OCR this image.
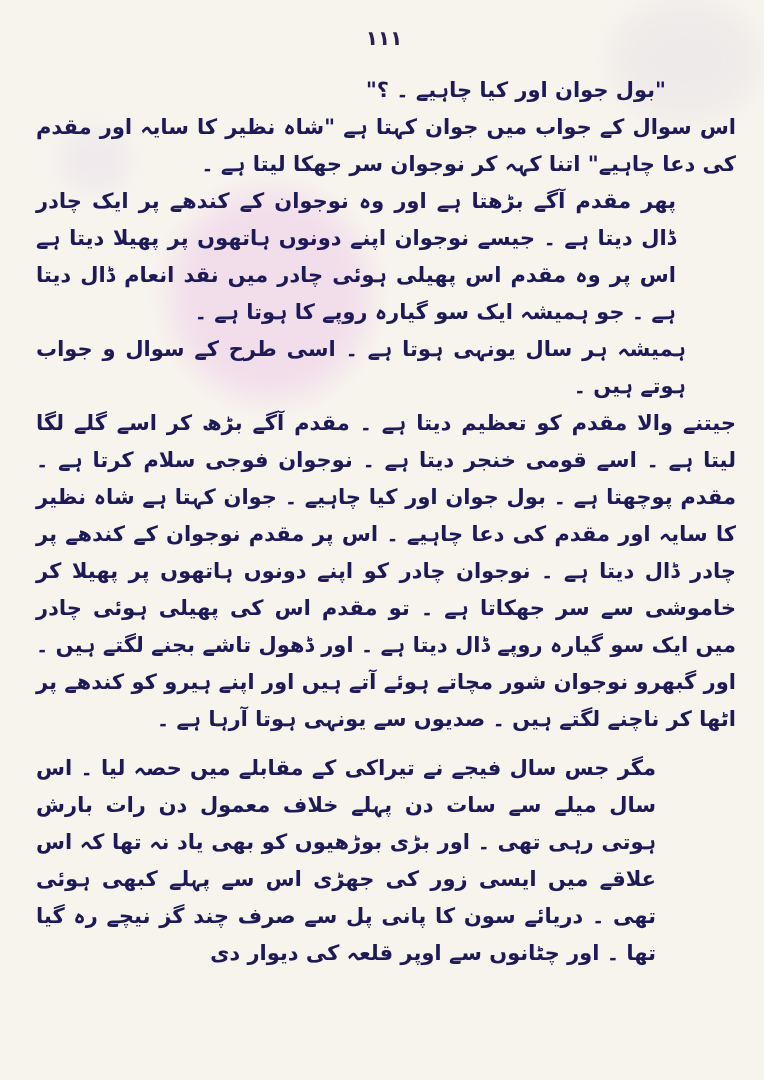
۱۱۱

"بول جوان اور کیا چاہیے ۔ ؟"

اس سوال کے جواب میں جوان کہتا ہے "شاہ نظیر کا سایہ اور مقدم کی دعا چاہیے" اتنا کہہ کر نوجوان سر جھکا لیتا ہے ۔

پھر مقدم آگے بڑھتا ہے اور وہ نوجوان کے کندھے پر ایک چادر ڈال دیتا ہے ۔ جیسے نوجوان اپنے دونوں ہاتھوں پر پھیلا دیتا ہے اس پر وہ مقدم اس پھیلی ہوئی چادر میں نقد انعام ڈال دیتا ہے ۔ جو ہمیشہ ایک سو گیارہ روپے کا ہوتا ہے ۔

ہمیشہ ہر سال یونہی ہوتا ہے ۔ اسی طرح کے سوال و جواب ہوتے ہیں ۔

جیتنے والا مقدم کو تعظیم دیتا ہے ۔ مقدم آگے بڑھ کر اسے گلے لگا لیتا ہے ۔ اسے قومی خنجر دیتا ہے ۔ نوجوان فوجی سلام کرتا ہے ۔ مقدم پوچھتا ہے ۔ بول جوان اور کیا چاہیے ۔ جوان کہتا ہے شاہ نظیر کا سایہ اور مقدم کی دعا چاہیے ۔ اس پر مقدم نوجوان کے کندھے پر چادر ڈال دیتا ہے ۔ نوجوان چادر کو اپنے دونوں ہاتھوں پر پھیلا کر خاموشی سے سر جھکاتا ہے ۔ تو مقدم اس کی پھیلی ہوئی چادر میں ایک سو گیارہ روپے ڈال دیتا ہے ۔ اور ڈھول تاشے بجنے لگتے ہیں ۔ اور گبھرو نوجوان شور مچاتے ہوئے آتے ہیں اور اپنے ہیرو کو کندھے پر اٹھا کر ناچنے لگتے ہیں ۔ صدیوں سے یونہی ہوتا آرہا ہے ۔

مگر جس سال فیجے نے تیراکی کے مقابلے میں حصہ لیا ۔ اس سال میلے سے سات دن پہلے خلاف معمول دن رات بارش ہوتی رہی تھی ۔ اور بڑی بوڑھیوں کو بھی یاد نہ تھا کہ اس علاقے میں ایسی زور کی جھڑی اس سے پہلے کبھی ہوئی تھی ۔ دریائے سون کا پانی پل سے صرف چند گز نیچے رہ گیا تھا ۔ اور چٹانوں سے اوپر قلعہ کی دیوار دی
